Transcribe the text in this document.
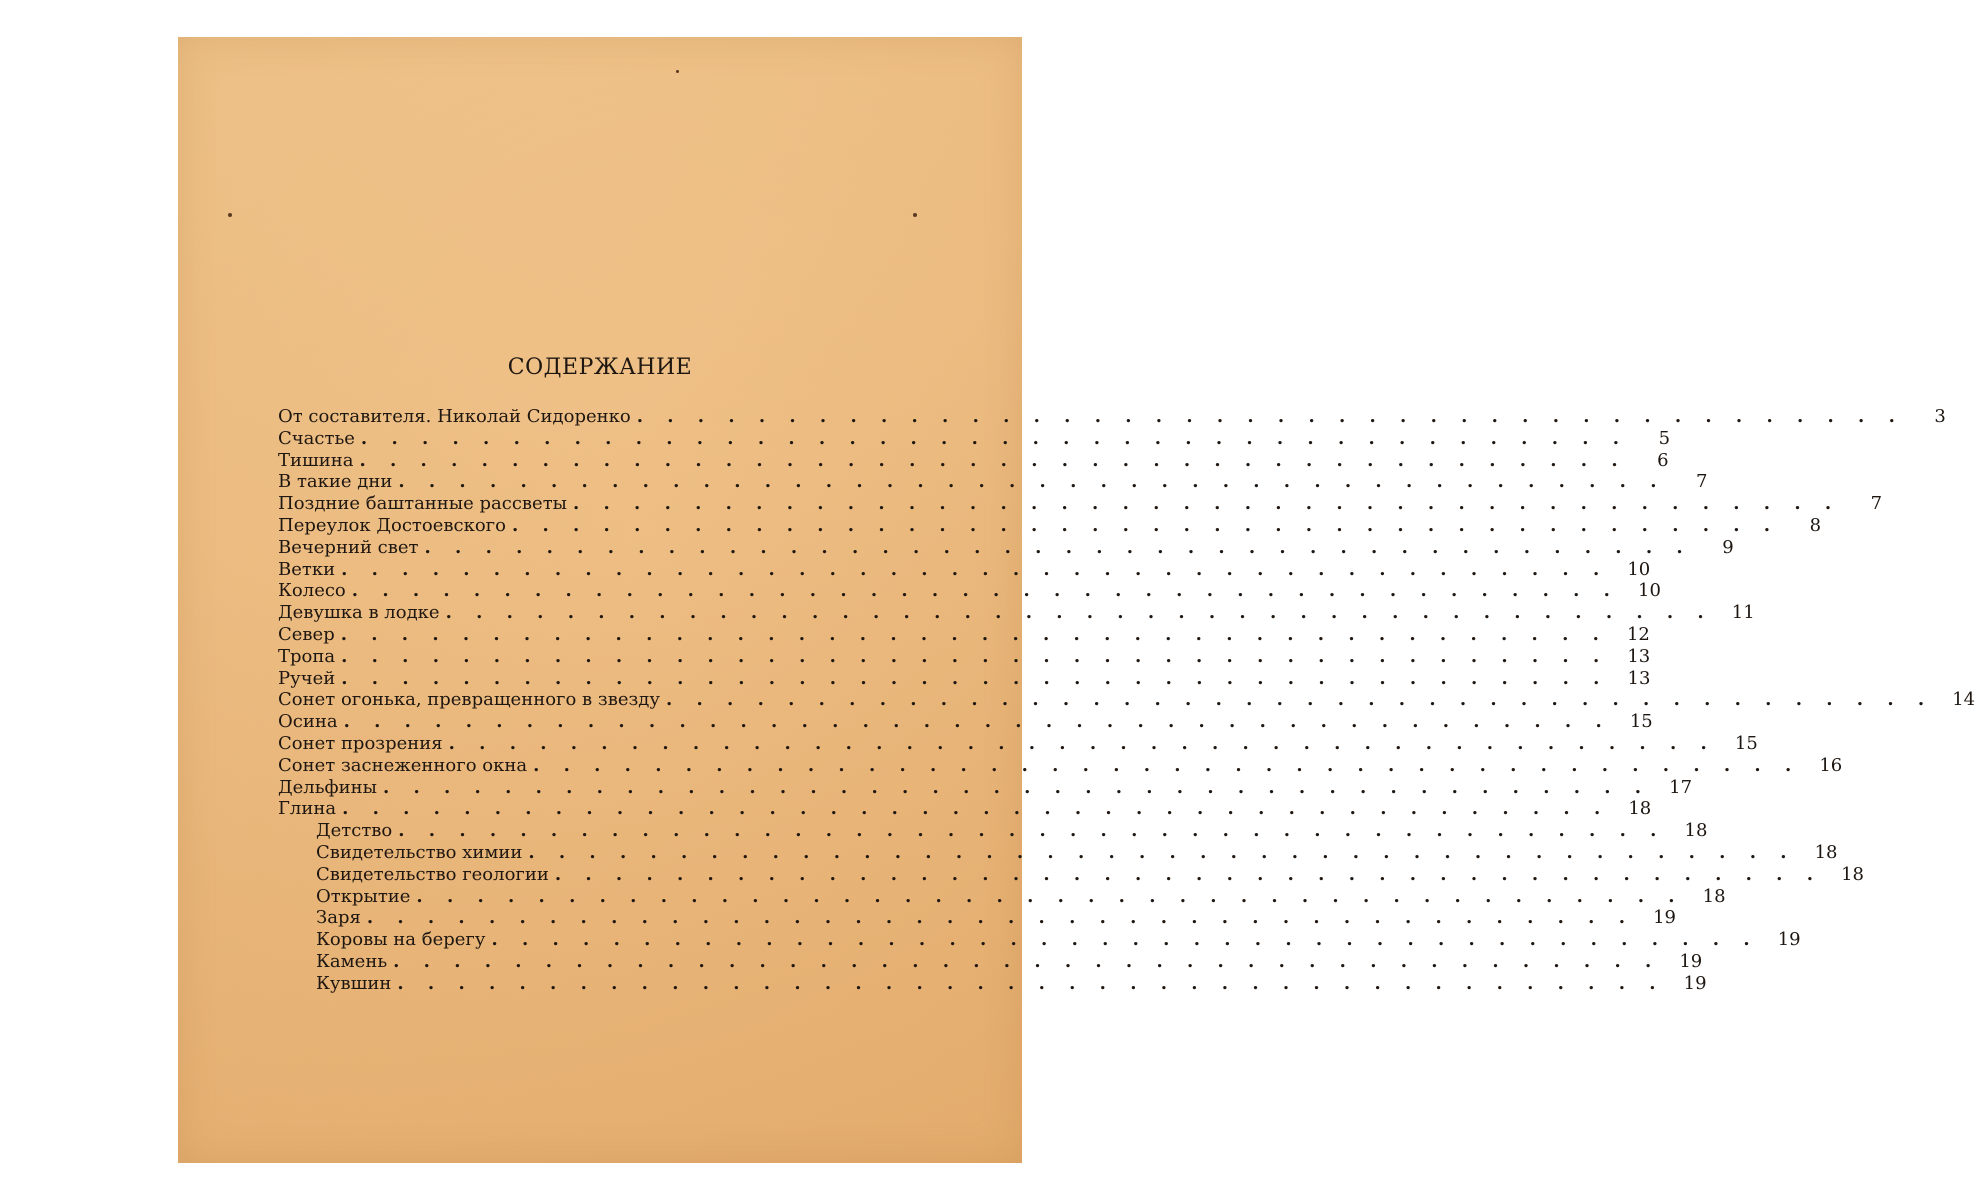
СОДЕРЖАНИЕ
От составителя. Николай Сидоренко . . . . . . . . . . . . . . . . . . . . . . . . . . . . . . . . . . . . . . . . . .	3
Счастье . . . . . . . . . . . . . . . . . . . . . . . . . . . . . . . . . . . . . . . . . .	5
Тишина . . . . . . . . . . . . . . . . . . . . . . . . . . . . . . . . . . . . . . . . . .	6
В такие дни . . . . . . . . . . . . . . . . . . . . . . . . . . . . . . . . . . . . . . . . . .	7
Поздние баштанные рассветы . . . . . . . . . . . . . . . . . . . . . . . . . . . . . . . . . . . . . . . . . .	7
Переулок Достоевского . . . . . . . . . . . . . . . . . . . . . . . . . . . . . . . . . . . . . . . . . .	8
Вечерний свет . . . . . . . . . . . . . . . . . . . . . . . . . . . . . . . . . . . . . . . . . .	9
Ветки . . . . . . . . . . . . . . . . . . . . . . . . . . . . . . . . . . . . . . . . . .	10
Колесо . . . . . . . . . . . . . . . . . . . . . . . . . . . . . . . . . . . . . . . . . .	10
Девушка в лодке . . . . . . . . . . . . . . . . . . . . . . . . . . . . . . . . . . . . . . . . . .	11
Север . . . . . . . . . . . . . . . . . . . . . . . . . . . . . . . . . . . . . . . . . .	12
Тропа . . . . . . . . . . . . . . . . . . . . . . . . . . . . . . . . . . . . . . . . . .	13
Ручей . . . . . . . . . . . . . . . . . . . . . . . . . . . . . . . . . . . . . . . . . .	13
Сонет огонька, превращенного в звезду . . . . . . . . . . . . . . . . . . . . . . . . . . . . . . . . . . . . . . . . . .	14
Осина . . . . . . . . . . . . . . . . . . . . . . . . . . . . . . . . . . . . . . . . . .	15
Сонет прозрения . . . . . . . . . . . . . . . . . . . . . . . . . . . . . . . . . . . . . . . . . .	15
Сонет заснеженного окна . . . . . . . . . . . . . . . . . . . . . . . . . . . . . . . . . . . . . . . . . .	16
Дельфины . . . . . . . . . . . . . . . . . . . . . . . . . . . . . . . . . . . . . . . . . .	17
Глина . . . . . . . . . . . . . . . . . . . . . . . . . . . . . . . . . . . . . . . . . .	18
Детство . . . . . . . . . . . . . . . . . . . . . . . . . . . . . . . . . . . . . . . . . .	18
Свидетельство химии . . . . . . . . . . . . . . . . . . . . . . . . . . . . . . . . . . . . . . . . . .	18
Свидетельство геологии . . . . . . . . . . . . . . . . . . . . . . . . . . . . . . . . . . . . . . . . . .	18
Открытие . . . . . . . . . . . . . . . . . . . . . . . . . . . . . . . . . . . . . . . . . .	18
Заря . . . . . . . . . . . . . . . . . . . . . . . . . . . . . . . . . . . . . . . . . .	19
Коровы на берегу . . . . . . . . . . . . . . . . . . . . . . . . . . . . . . . . . . . . . . . . . .	19
Камень . . . . . . . . . . . . . . . . . . . . . . . . . . . . . . . . . . . . . . . . . .	19
Кувшин . . . . . . . . . . . . . . . . . . . . . . . . . . . . . . . . . . . . . . . . . .	19
